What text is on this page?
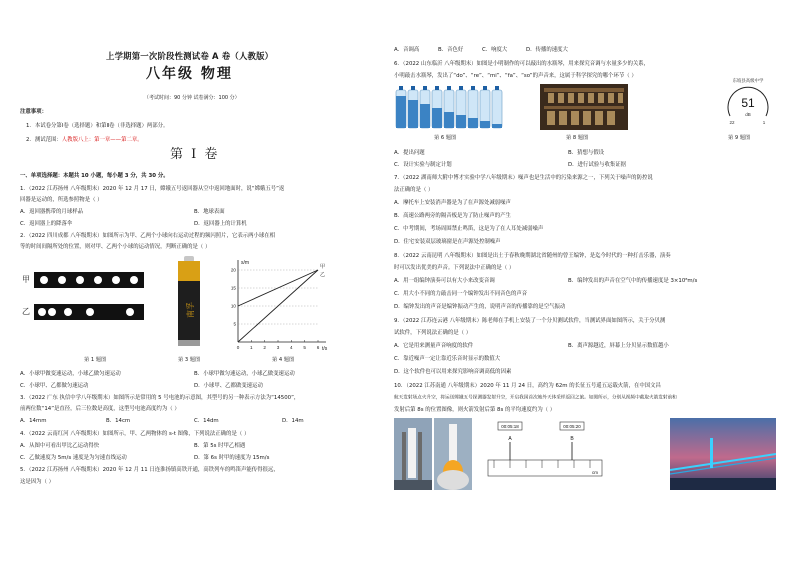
上学期第一次阶段性测试卷 A 卷（人教版）
八年级 物理
（考试时间：90 分钟 试卷满分：100 分）
注意事项：
1．本试卷分第Ⅰ卷（选择题）和第Ⅱ卷（非选择题）两部分。
2．测试范围：人教版八上：第一章——第二章。
第 Ⅰ 卷
一、单项选择题：本题共 10 小题，每小题 3 分，共 30 分。
1．（2022 江苏扬州 八年级期末）2020 年 12 月 17 日，嫦娥五号返回器从空中返回地面时，说“嫦娥五号”返
回器是运动的，所选参照物是（ ）
A．返回器携带的月球样品	B．地球表面
C．返回器上的降落伞	D．返回器上的计算机
2．（2022 四川成都 八年级期末）如图所示为甲、乙两个小球向右运动过程的频闪照片，它表示两小球在相
等的时间间隔所处的位置，则对甲、乙两个小球的运动情况，判断正确的是（ ）
甲
乙	南孚
s/m
t/s
0 1 2 3 4 5 6
5
10
15
20
甲
乙
第 1 题图	第 3 题图	第 4 题图
A．小球甲做变速运动，小球乙做匀速运动	B．小球甲做匀速运动，小球乙做变速运动
C．小球甲、乙都做匀速运动	D．小球甲、乙都做变速运动
3．（2022 广东 执信中学八年级期末）如图所示是常用的 5 号电池的示意图，其型号的另一种表示方法为“14500”，
前两位数“14”是直径，后三位数是高度，这型号电池高度约为（ ）
A．14mm	B．14cm	C．14dm	D．14m
4．（2022 云南红河 八年级期末）如图所示，甲、乙两物体的 s-t 图像，下列说法正确的是（ ）
A．从图中可看出甲比乙运动得快	B．第 5s 时甲乙相遇
C．乙做速度为 5m/s 速度是为匀速直线运动	D．第 6s 时甲的速度为 15m/s
5．（2022 江苏扬州 八年级期末）2020 年 12 月 11 日连淮扬镇高铁开通，高铁列车的鸣笛声能传得很远，
这是因为（ ）
A．音调高	B．音色好	C．响度大	D．传播的速度大
6．（2022 山东临沂 八年级期末）如图是小明制作的可以敲出的水瓶琴，用来探究音调与水量多少的关系，
小明敲击水瓶琴，发出了“do”、“re”、“mi”、“fa”、“so”的声音来，这属于科学探究的哪个环节（ ）
东坡县高级中学
51
dB
22	1
第 6 题图	第 8 题图	第 9 题图
A．提出问题	B．猜想与假设
C．设计实验与制定计划	D．进行试验与收集证据
7．（2022 湖南师大附中博才实验中学八年级期末）噪声也是生活中的污染来源之一，下列关于噪声的防控说
法正确的是（ ）
A．摩托车上安装消声器是为了在声源处减弱噪声
B．高速公路两旁的隔音板是为了防止噪声的产生
C．中考期间，考场周围禁止鸣笛，这是为了在人耳处减弱噪声
D．住宅安装双层玻璃窗是在声源处控制噪声
8．（2022 云南昆明 八年级期末）如图是出土于春秋晚期湖北省随州的曾王编钟，是迄今时代的一种打击乐器，演奏
时可以发出优美的声音。下列说法中正确的是（ ）
A．用一组编钟演奏可以有大小来改变音调	B．编钟发出的声音在空气中的传播速度是 3×10⁸m/s
C．用大小不同的力敲击同一个编钟发出不同音色的声音
D．编钟发出的声音是编钟振动产生的，说明声音的传播靠的是空气振动
9．（2022 江苏连云港 八年级期末）陈老师在手机上安装了一个分贝测试软件，当测试界面如图所示，关于分贝测
试软件，下列说法正确的是（ ）
A．它是用来测量声音响度的软件	B．离声源越近，屏幕上分贝显示数值越小
C．靠近噪声一定让靠近乐音时显示的数值大
D．这个软件也可以用来探究影响音调高低的因素
10．（2022 江苏南通 八年级期末）2020 年 11 月 24 日，高约为 62m 的长征五号遥五运载火箭，在中国文昌
航天发射场点火升空，将运送嫦娥五号探测器发射升空，开启我国首次地外天体采样返回之旅。如图所示，分别从视频中截取火箭发射前和
发射后第 8s 的位置图像，则火箭发射后第 8s 的平均速度约为（ ）
00:05:18	00:05:20
A	B
cm
